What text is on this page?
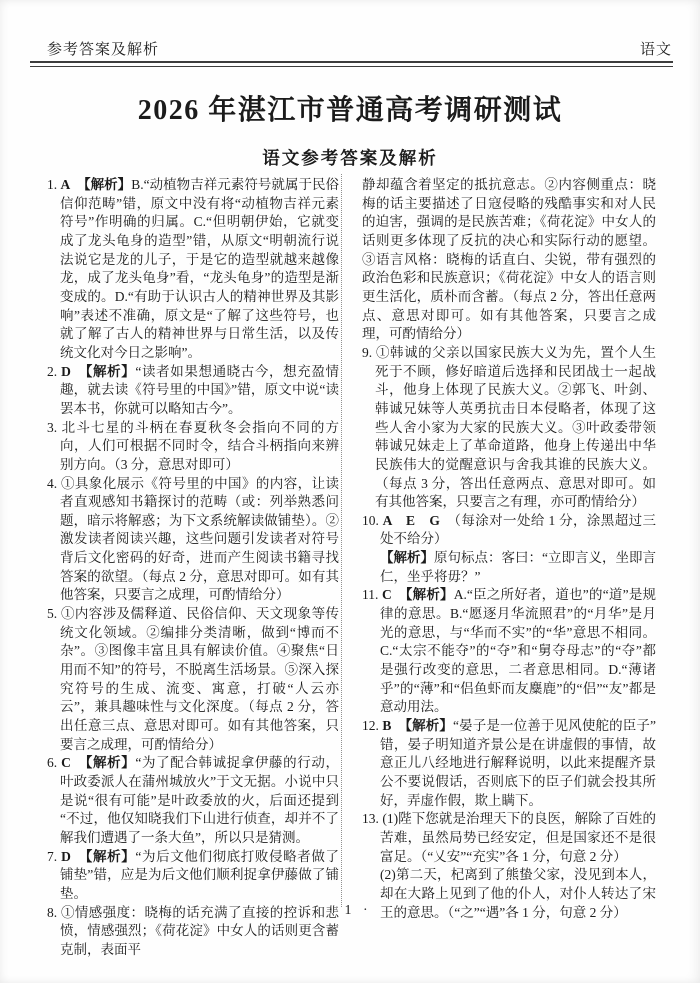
参考答案及解析	语文
2026 年湛江市普通高考调研测试
语文参考答案及解析
1. A　 【解析】B.“动植物吉祥元素符号就属于民俗信仰范畴”错，原文中没有将“动植物吉祥元素符号”作明确的归属。C.“但明朝伊始，它就变成了龙头龟身的造型”错，从原文“明朝流行说法说它是龙的儿子，于是它的造型就越来越像龙，成了龙头龟身”看，“龙头龟身”的造型是渐变成的。D.“有助于认识古人的精神世界及其影响”表述不准确，原文是“了解了这些符号，也就了解了古人的精神世界与日常生活，以及传统文化对今日之影响”。
2. D　 【解析】“读者如果想通晓古今，想充盈情趣，就去读《符号里的中国》”错，原文中说“读罢本书，你就可以略知古今”。
3. 北斗七星的斗柄在春夏秋冬会指向不同的方向，人们可根据不同时令，结合斗柄指向来辨别方向。（3 分，意思对即可）
4. ①具象化展示《符号里的中国》的内容，让读者直观感知书籍探讨的范畴（或：列举熟悉问题，暗示将解惑；为下文系统解读做铺垫）。②激发读者阅读兴趣，这些问题引发读者对符号背后文化密码的好奇，进而产生阅读书籍寻找答案的欲望。（每点 2 分，意思对即可。如有其他答案，只要言之成理，可酌情给分）
5. ①内容涉及儒释道、民俗信仰、天文现象等传统文化领域。②编排分类清晰，做到“博而不杂”。③图像丰富且具有解读价值。④聚焦“日用而不知”的符号，不脱离生活场景。⑤深入探究符号的生成、流变、寓意，打破“人云亦云”，兼具趣味性与文化深度。（每点 2 分，答出任意三点、意思对即可。如有其他答案，只要言之成理，可酌情给分）
6. C　 【解析】“为了配合韩诚捉拿伊藤的行动，叶政委派人在蒲州城放火”于文无据。小说中只是说“很有可能”是叶政委放的火，后面还提到“不过，他仅知晓我们下山进行侦查，却并不了解我们遭遇了一条大鱼”，所以只是猜测。
7. D　 【解析】“为后文他们彻底打败侵略者做了铺垫”错，应是为后文他们顺利捉拿伊藤做了铺垫。
8. ①情感强度：晓梅的话充满了直接的控诉和悲愤，情感强烈；《荷花淀》中女人的话则更含蓄克制，表面平
静却蕴含着坚定的抵抗意志。②内容侧重点：晓梅的话主要描述了日寇侵略的残酷事实和对人民的迫害，强调的是民族苦难；《荷花淀》中女人的话则更多体现了反抗的决心和实际行动的愿望。③语言风格：晓梅的话直白、尖锐，带有强烈的政治色彩和民族意识；《荷花淀》中女人的语言则更生活化，质朴而含蓄。（每点 2 分，答出任意两点、意思对即可。如有其他答案，只要言之成理，可酌情给分）
9. ①韩诚的父亲以国家民族大义为先，置个人生死于不顾，修好暗道后选择和民团战士一起战斗，他身上体现了民族大义。②郭飞、叶剑、韩诚兄妹等人英勇抗击日本侵略者，体现了这些人舍小家为大家的民族大义。③叶政委带领韩诚兄妹走上了革命道路，他身上传递出中华民族伟大的觉醒意识与舍我其谁的民族大义。（每点 3 分，答出任意两点、意思对即可。如有其他答案，只要言之有理，亦可酌情给分）
10. A　E　G　 （每涂对一处给 1 分，涂黑超过三处不给分）
【解析】原句标点：客曰：“立即言义，坐即言仁，坐乎将毋？”
11. C　 【解析】A.“臣之所好者，道也”的“道”是规律的意思。B.“愿逐月华流照君”的“月华”是月光的意思，与“华而不实”的“华”意思不相同。C.“太宗不能夺”的“夺”和“舅夺母志”的“夺”都是强行改变的意思，二者意思相同。D.“薄诸乎”的“薄”和“侣鱼虾而友麋鹿”的“侣”“友”都是意动用法。
12. B　 【解析】“晏子是一位善于见风使舵的臣子”错，晏子明知道齐景公是在讲虚假的事情，故意正儿八经地进行解释说明，以此来提醒齐景公不要说假话，否则底下的臣子们就会投其所好，弄虚作假，欺上瞒下。
13. (1)陛下您就是治理天下的良医，解除了百姓的苦难，虽然局势已经安定，但是国家还不是很富足。（“乂安”“充实”各 1 分，句意 2 分）
(2)第二天，杞离到了熊蛰父家，没见到本人，却在大路上见到了他的仆人，对仆人转达了宋王的意思。（“之”“遇”各 1 分，句意 2 分）
· 1 ·
